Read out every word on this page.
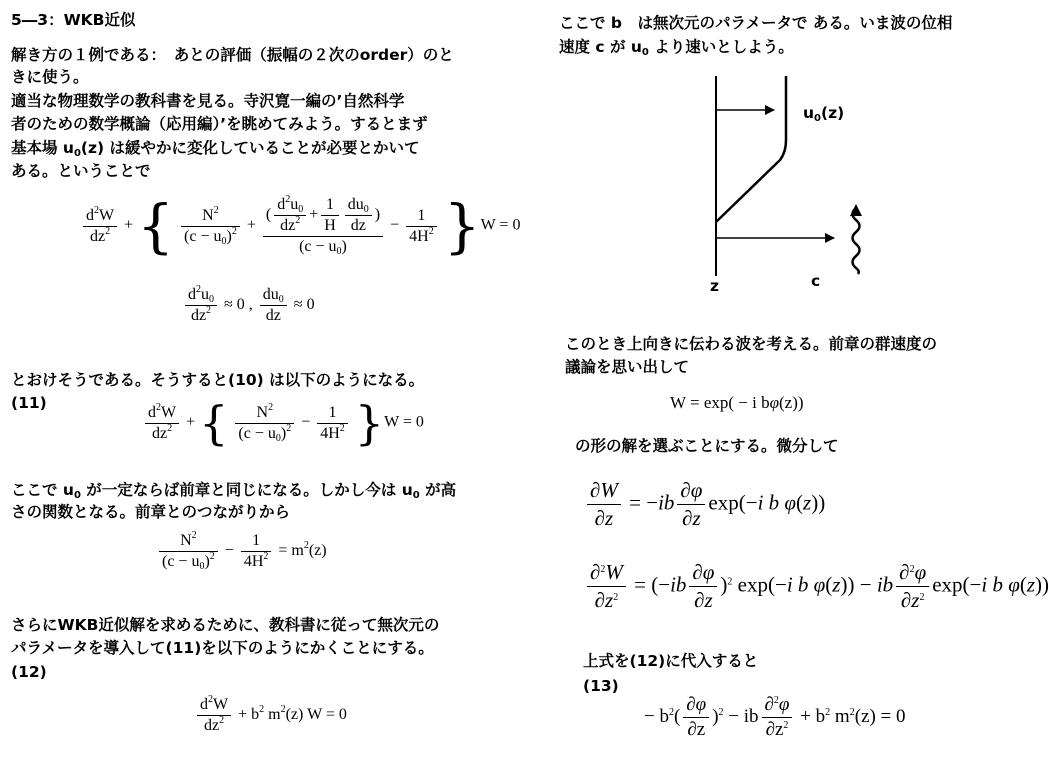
5―3：WKB近似
解き方の１例である：　あとの評価（振幅の２次のorder）のと
きに使う。
適当な物理数学の教科書を見る。寺沢寛一編の’自然科学
者のための数学概論（応用編）’を眺めてみよう。するとまず
基本場 u0(z) は緩やかに変化していることが必要とかいて
ある。ということで
$\frac{d^2W}{dz^2}$ + { $\frac{N^2}{(c - u_0)^2} + \frac{( \frac{d^2u_0}{dz^2} + \frac{1}{H} \frac{du_0}{dz} )}{(c - u_0)} - \frac{1}{4H^2} \}W = 0$
$\frac{d^2u_0}{dz^2} \approx 0$ , $\frac{du_0}{dz} \approx 0$
とおけそうである。そうすると(10) は以下のようになる。
(11)
$\frac{d^2W}{dz^2}$ + { $\frac{N^2}{(c - u_0)^2} - \frac{1}{4H^2} \}W = 0$
ここで u0 が一定ならば前章と同じになる。しかし今は u0 が高
さの関数となる。前章とのつながりから
$\frac{N^2}{(c - u_0)^2} - \frac{1}{4H^2} = m^2(z)$
さらにWKB近似解を求めるために、教科書に従って無次元の
パラメータを導入して(11)を以下のようにかくことにする。
(12)
$\frac{d^2W}{dz^2} + b^2$ $m^2(z) W = 0$
ここで b　は無次元のパラメータで ある。いま波の位相
速度 c が u0 より速いとしよう。
u0(z)
z	c
このとき上向きに伝わる波を考える。前章の群速度の
議論を思い出して
W = exp( − i bφ(z))
の形の解を選ぶことにする。微分して
$\frac{\partial W}{\partial z} = -ib \frac{\partial\varphi}{\partial z} \exp(-i$ b φ(z))
$\frac{\partial^2W}{\partial z^2} = (-ib \frac{\partial\varphi}{\partial z} )^2$ exp(−i b φ(z)) − ib $\frac{\partial^2\varphi}{\partial z^2} \exp(-i$ b φ(z))
上式を(12)に代入すると
(13)
− $b^2( \frac{\partial\varphi}{\partial z} )^2$ − ib $\frac{\partial^2\varphi}{\partial z^2} + b^2$ $m^2(z) = 0$
